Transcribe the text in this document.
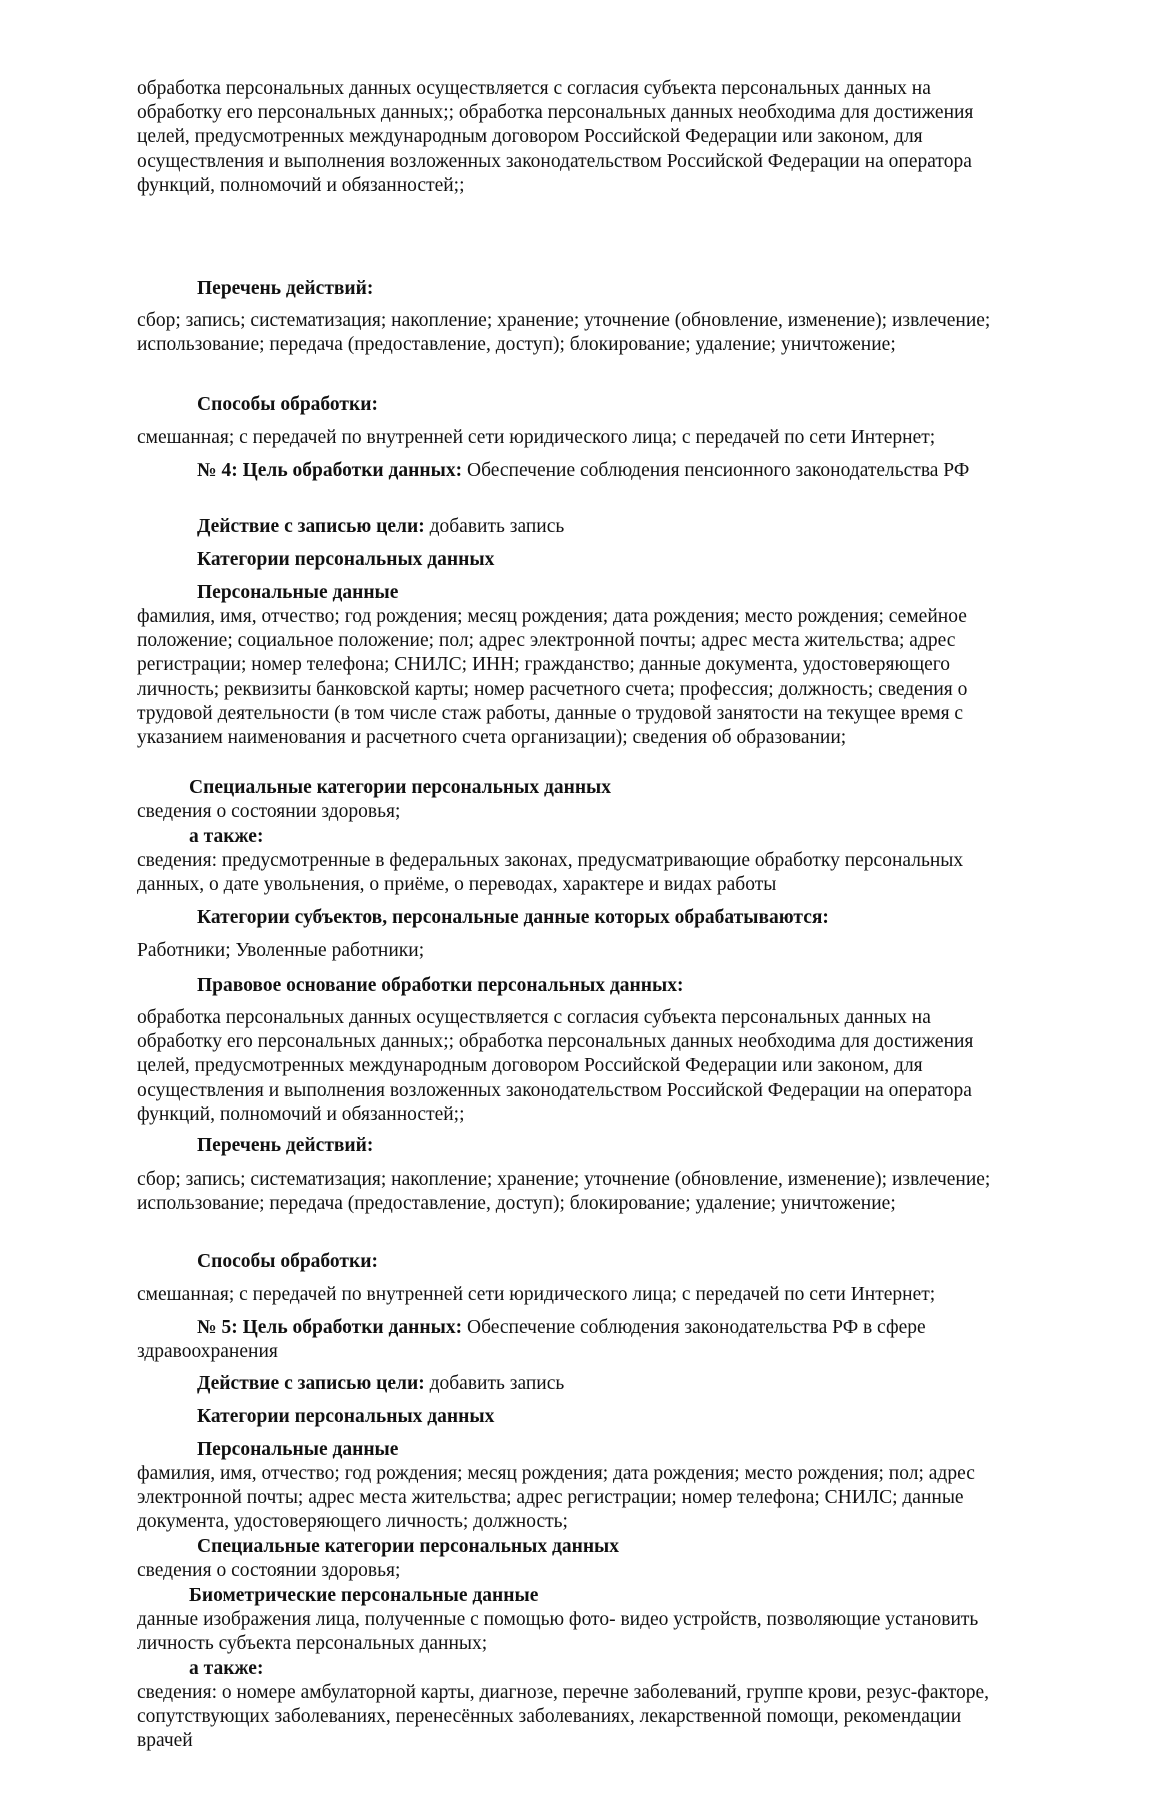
обработка персональных данных осуществляется с согласия субъекта персональных данных на обработку его персональных данных;; обработка персональных данных необходима для достижения целей, предусмотренных международным договором Российской Федерации или законом, для осуществления и выполнения возложенных законодательством Российской Федерации на оператора функций, полномочий и обязанностей;;

Перечень действий:

сбор; запись; систематизация; накопление; хранение; уточнение (обновление, изменение); извлечение; использование; передача (предоставление, доступ); блокирование; удаление; уничтожение;

Способы обработки:

смешанная; с передачей по внутренней сети юридического лица; с передачей по сети Интернет;

№ 4: Цель обработки данных: Обеспечение соблюдения пенсионного законодательства РФ

Действие с записью цели: добавить запись

Категории персональных данных

Персональные данные

фамилия, имя, отчество; год рождения; месяц рождения; дата рождения; место рождения; семейное положение; социальное положение; пол; адрес электронной почты; адрес места жительства; адрес регистрации; номер телефона; СНИЛС; ИНН; гражданство; данные документа, удостоверяющего личность; реквизиты банковской карты; номер расчетного счета; профессия; должность; сведения о трудовой деятельности (в том числе стаж работы, данные о трудовой занятости на текущее время с указанием наименования и расчетного счета организации); сведения об образовании;

Специальные категории персональных данных

сведения о состоянии здоровья;

а также:

сведения: предусмотренные в федеральных законах, предусматривающие обработку персональных данных, о дате увольнения, о приёме, о переводах, характере и видах работы

Категории субъектов, персональные данные которых обрабатываются:

Работники; Уволенные работники;

Правовое основание обработки персональных данных:

обработка персональных данных осуществляется с согласия субъекта персональных данных на обработку его персональных данных;; обработка персональных данных необходима для достижения целей, предусмотренных международным договором Российской Федерации или законом, для осуществления и выполнения возложенных законодательством Российской Федерации на оператора функций, полномочий и обязанностей;;

Перечень действий:

сбор; запись; систематизация; накопление; хранение; уточнение (обновление, изменение); извлечение; использование; передача (предоставление, доступ); блокирование; удаление; уничтожение;

Способы обработки:

смешанная; с передачей по внутренней сети юридического лица; с передачей по сети Интернет;

№ 5: Цель обработки данных: Обеспечение соблюдения законодательства РФ в сфере здравоохранения

Действие с записью цели: добавить запись

Категории персональных данных

Персональные данные

фамилия, имя, отчество; год рождения; месяц рождения; дата рождения; место рождения; пол; адрес электронной почты; адрес места жительства; адрес регистрации; номер телефона; СНИЛС; данные документа, удостоверяющего личность; должность;

Специальные категории персональных данных

сведения о состоянии здоровья;

Биометрические персональные данные

данные изображения лица, полученные с помощью фото- видео устройств, позволяющие установить личность субъекта персональных данных;

а также:

сведения: о номере амбулаторной карты, диагнозе, перечне заболеваний, группе крови, резус-факторе, сопутствующих заболеваниях, перенесённых заболеваниях, лекарственной помощи, рекомендации врачей
